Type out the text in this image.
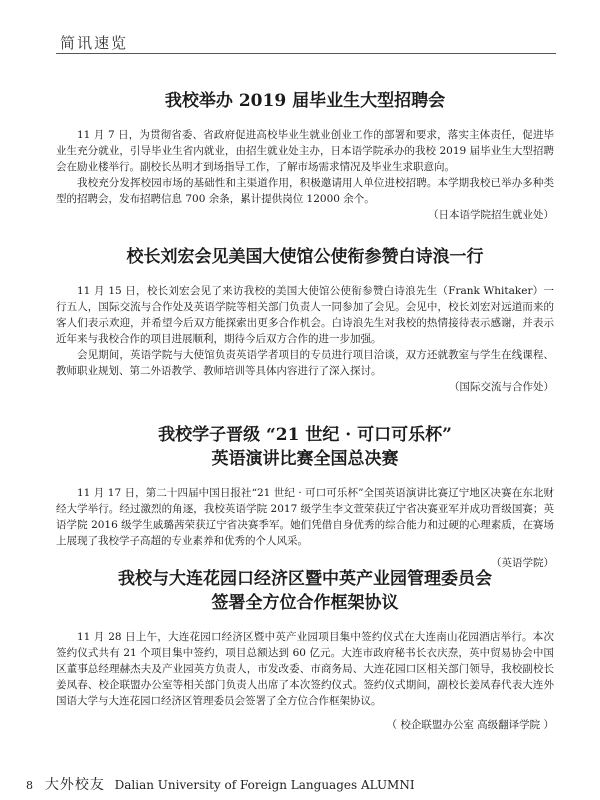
简讯速览
我校举办 2019 届毕业生大型招聘会

11 月 7 日，为贯彻省委、省政府促进高校毕业生就业创业工作的部署和要求，落实主体责任，促进毕业生充分就业，引导毕业生省内就业，由招生就业处主办，日本语学院承办的我校 2019 届毕业生大型招聘会在励业楼举行。副校长丛明才到场指导工作，了解市场需求情况及毕业生求职意向。

我校充分发挥校园市场的基础性和主渠道作用，积极邀请用人单位进校招聘。本学期我校已举办多种类型的招聘会，发布招聘信息 700 余条，累计提供岗位 12000 余个。

（日本语学院招生就业处）

校长刘宏会见美国大使馆公使衔参赞白诗浪一行

11 月 15 日，校长刘宏会见了来访我校的美国大使馆公使衔参赞白诗浪先生（Frank Whitaker）一行五人，国际交流与合作处及英语学院等相关部门负责人一同参加了会见。会见中，校长刘宏对远道而来的客人们表示欢迎，并希望今后双方能探索出更多合作机会。白诗浪先生对我校的热情接待表示感谢，并表示近年来与我校合作的项目进展顺利，期待今后双方合作的进一步加强。

会见期间，英语学院与大使馆负责英语学者项目的专员进行项目洽谈，双方还就教室与学生在线课程、教师职业规划、第二外语教学、教师培训等具体内容进行了深入探讨。

（国际交流与合作处）

我校学子晋级 “21 世纪 · 可口可乐杯”
英语演讲比赛全国总决赛

11 月 17 日，第二十四届中国日报社“21 世纪 · 可口可乐杯”全国英语演讲比赛辽宁地区决赛在东北财经大学举行。经过激烈的角逐，我校英语学院 2017 级学生李文萱荣获辽宁省决赛亚军并成功晋级国赛；英语学院 2016 级学生戚璐茜荣获辽宁省决赛季军。她们凭借自身优秀的综合能力和过硬的心理素质，在赛场上展现了我校学子高超的专业素养和优秀的个人风采。

（英语学院）

我校与大连花园口经济区暨中英产业园管理委员会
签署全方位合作框架协议

11 月 28 日上午，大连花园口经济区暨中英产业园项目集中签约仪式在大连南山花园酒店举行。本次签约仪式共有 21 个项目集中签约，项目总额达到 60 亿元。大连市政府秘书长衣庆焘，英中贸易协会中国区董事总经理赫杰夫及产业园英方负责人，市发改委、市商务局、大连花园口区相关部门领导，我校副校长姜凤春、校企联盟办公室等相关部门负责人出席了本次签约仪式。签约仪式期间，副校长姜凤春代表大连外国语大学与大连花园口经济区管理委员会签署了全方位合作框架协议。

（ 校企联盟办公室 高级翻译学院 ）

8 大外校友 Dalian University of Foreign Languages ALUMNI
